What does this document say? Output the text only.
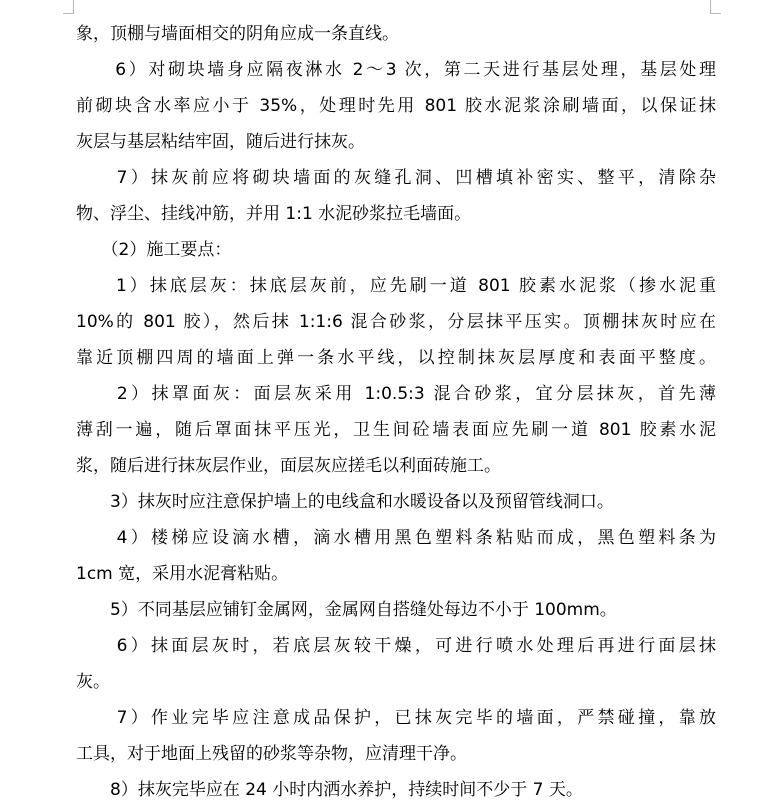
象，顶棚与墙面相交的阴角应成一条直线。
　　6）对砌块墙身应隔夜淋水 2～3 次，第二天进行基层处理，基层处理
前砌块含水率应小于 35%，处理时先用 801 胶水泥浆涂刷墙面，以保证抹
灰层与基层粘结牢固，随后进行抹灰。
　　7）抹灰前应将砌块墙面的灰缝孔洞、凹槽填补密实、整平，清除杂
物、浮尘、挂线冲筋，并用 1:1 水泥砂浆拉毛墙面。
　　（2）施工要点：
　　1）抹底层灰：抹底层灰前，应先刷一道 801 胶素水泥浆（掺水泥重
10%的 801 胶），然后抹 1:1:6 混合砂浆，分层抹平压实。顶棚抹灰时应在
靠近顶棚四周的墙面上弹一条水平线，以控制抹灰层厚度和表面平整度。
　　2）抹罩面灰：面层灰采用 1:0.5:3 混合砂浆，宜分层抹灰，首先薄
薄刮一遍，随后罩面抹平压光，卫生间砼墙表面应先刷一道 801 胶素水泥
浆，随后进行抹灰层作业，面层灰应搓毛以利面砖施工。
　　3）抹灰时应注意保护墙上的电线盒和水暖设备以及预留管线洞口。
　　4）楼梯应设滴水槽，滴水槽用黑色塑料条粘贴而成，黑色塑料条为
1cm 宽，采用水泥膏粘贴。
　　5）不同基层应铺钉金属网，金属网自搭缝处每边不小于 100mm。
　　6）抹面层灰时，若底层灰较干燥，可进行喷水处理后再进行面层抹
灰。
　　7）作业完毕应注意成品保护，已抹灰完毕的墙面，严禁碰撞，靠放
工具，对于地面上残留的砂浆等杂物，应清理干净。
　　8）抹灰完毕应在 24 小时内洒水养护，持续时间不少于 7 天。
